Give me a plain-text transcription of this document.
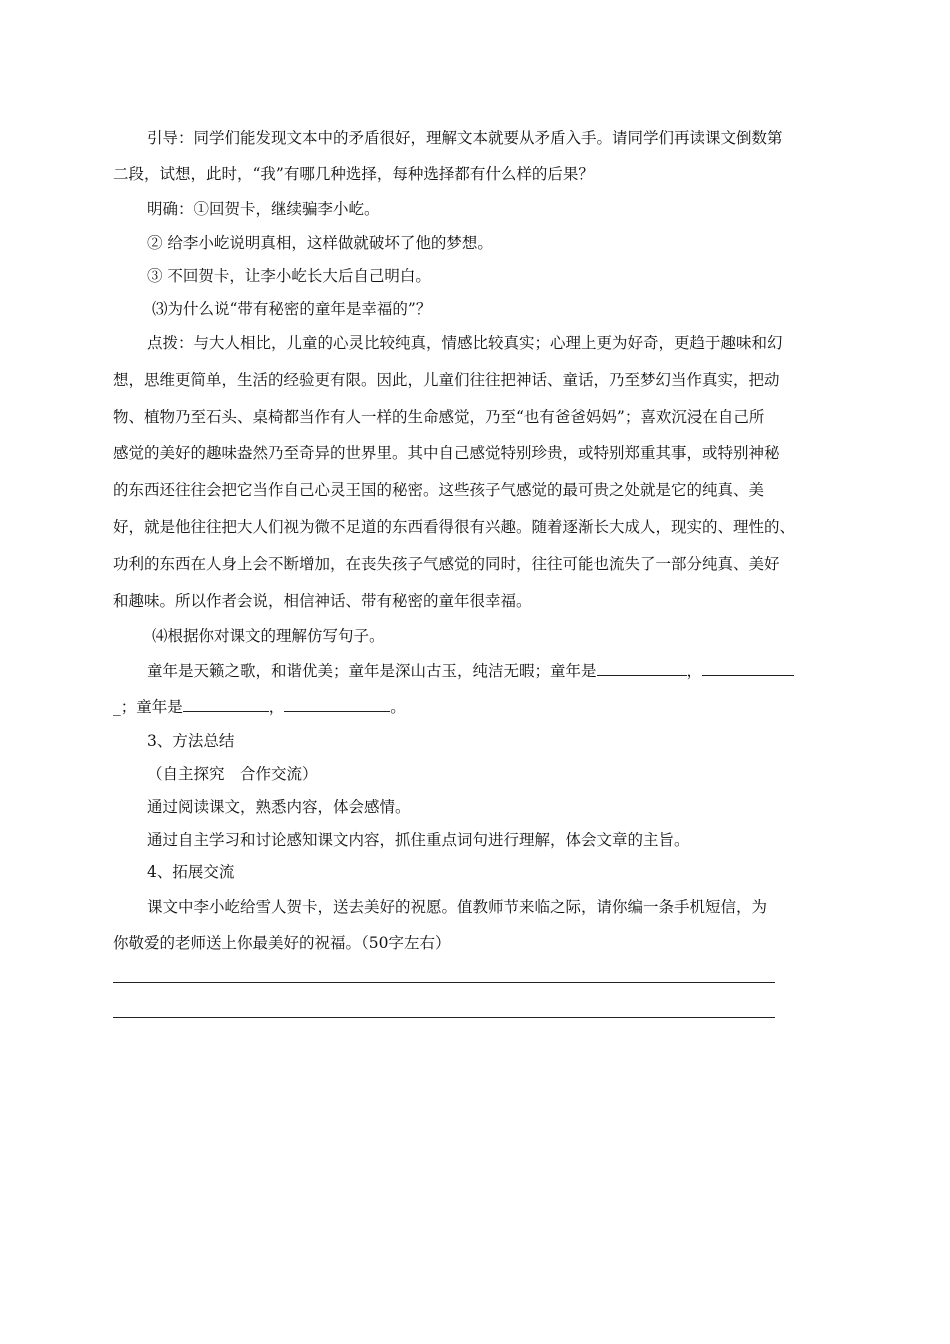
引导：同学们能发现文本中的矛盾很好，理解文本就要从矛盾入手。请同学们再读课文倒数第

二段，试想，此时，“我”有哪几种选择，每种选择都有什么样的后果？

明确：①回贺卡，继续骗李小屹。

② 给李小屹说明真相，这样做就破坏了他的梦想。

③ 不回贺卡，让李小屹长大后自己明白。

⑶为什么说“带有秘密的童年是幸福的”？

点拨：与大人相比，儿童的心灵比较纯真，情感比较真实；心理上更为好奇，更趋于趣味和幻

想，思维更简单，生活的经验更有限。因此，儿童们往往把神话、童话，乃至梦幻当作真实，把动

物、植物乃至石头、桌椅都当作有人一样的生命感觉，乃至“也有爸爸妈妈”；喜欢沉浸在自己所

感觉的美好的趣味盎然乃至奇异的世界里。其中自己感觉特别珍贵，或特别郑重其事，或特别神秘

的东西还往往会把它当作自己心灵王国的秘密。这些孩子气感觉的最可贵之处就是它的纯真、美

好，就是他往往把大人们视为微不足道的东西看得很有兴趣。随着逐渐长大成人，现实的、理性的、

功利的东西在人身上会不断增加，在丧失孩子气感觉的同时，往往可能也流失了一部分纯真、美好

和趣味。所以作者会说，相信神话、带有秘密的童年很幸福。

⑷根据你对课文的理解仿写句子。

童年是天籁之歌，和谐优美；童年是深山古玉，纯洁无暇；童年是	，

_；童年是	，	。

3、方法总结

（自主探究　合作交流）

通过阅读课文，熟悉内容，体会感情。

通过自主学习和讨论感知课文内容，抓住重点词句进行理解，体会文章的主旨。

4、拓展交流

课文中李小屹给雪人贺卡，送去美好的祝愿。值教师节来临之际，请你编一条手机短信，为

你敬爱的老师送上你最美好的祝福。（50字左右）
